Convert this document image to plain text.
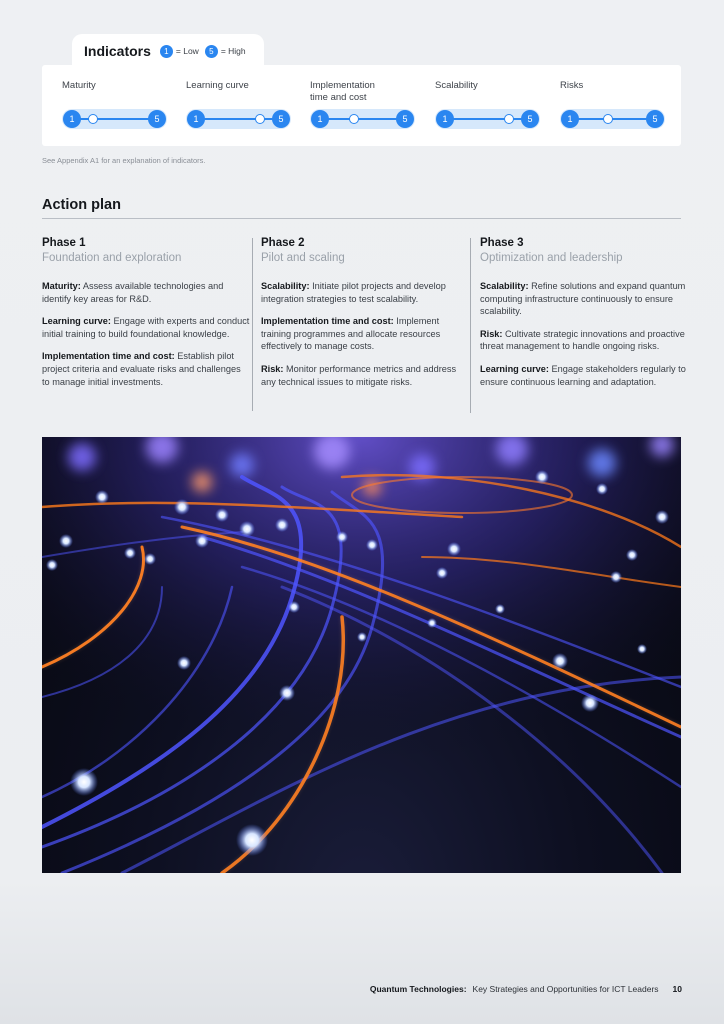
Indicators	1 = Low	5 = High
Maturity
1	5
Learning curve
1	5
Implementation time and cost
1	5
Scalability
1	5
Risks
1	5
See Appendix A1 for an explanation of indicators.
Action plan
Phase 1
Foundation and exploration

Maturity: Assess available technologies and identify key areas for R&D.

Learning curve: Engage with experts and conduct initial training to build foundational knowledge.

Implementation time and cost: Establish pilot project criteria and evaluate risks and challenges to manage initial investments.

Phase 2
Pilot and scaling

Scalability: Initiate pilot projects and develop integration strategies to test scalability.

Implementation time and cost: Implement training programmes and allocate resources effectively to manage costs.

Risk: Monitor performance metrics and address any technical issues to mitigate risks.

Phase 3
Optimization and leadership

Scalability: Refine solutions and expand quantum computing infrastructure continuously to ensure scalability.

Risk: Cultivate strategic innovations and proactive threat management to handle ongoing risks.

Learning curve: Engage stakeholders regularly to ensure continuous learning and adaptation.

Quantum Technologies: Key Strategies and Opportunities for ICT Leaders 10
